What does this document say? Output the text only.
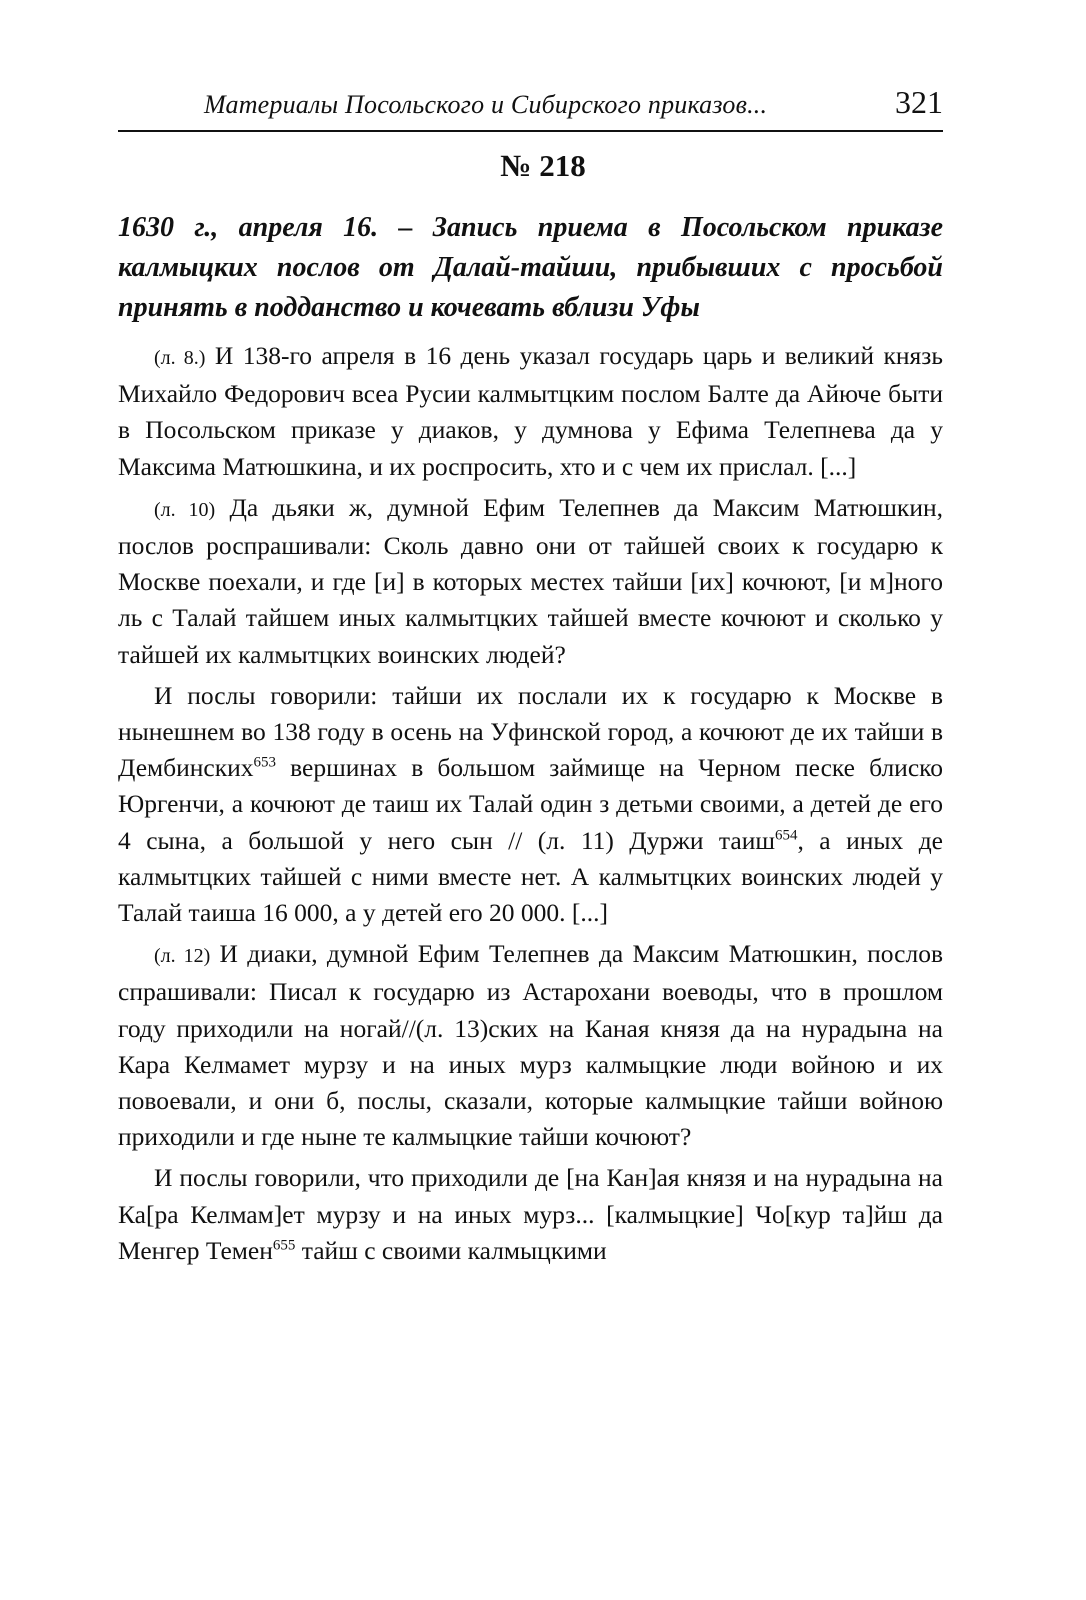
Материалы Посольского и Сибирского приказов...	321
№ 218

1630 г., апреля 16. – Запись приема в Посольском приказе калмыцких послов от Далай-тайши, прибывших с просьбой принять в подданство и кочевать вблизи Уфы

(л. 8.) И 138-го апреля в 16 день указал государь царь и великий князь Михайло Федорович всеа Русии калмытцким послом Балте да Айюче быти в Посольском приказе у диаков, у думнова у Ефима Телепнева да у Максима Матюшкина, и их роспросить, хто и с чем их прислал. [...]

(л. 10) Да дьяки ж, думной Ефим Телепнев да Максим Матюшкин, послов роспрашивали: Сколь давно они от тайшей своих к государю к Москве поехали, и где [и] в которых местех тайши [их] кочюют, [и м]ного ль с Талай тайшем иных калмытцких тайшей вместе кочюют и сколько у тайшей их калмытцких воинских людей?

И послы говорили: тайши их послали их к государю к Москве в нынешнем во 138 году в осень на Уфинской город, а кочюют де их тайши в Дембинских$^{653}$ вершинах в большом займище на Черном песке блиско Юргенчи, а кочюют де таиш их Талай один з детьми своими, а детей де его 4 сына, а большой у него сын // (л. 11) Дуржи таиш$^{654}$, а иных де калмытцких тайшей с ними вместе нет. А калмытцких воинских людей у Талай таиша 16 000, а у детей его 20 000. [...]

(л. 12) И диаки, думной Ефим Телепнев да Максим Матюшкин, послов спрашивали: Писал к государю из Астарохани воеводы, что в прошлом году приходили на ногай//(л. 13)ских на Каная князя да на нурадына на Кара Келмамет мурзу и на иных мурз калмыцкие люди войною и их повоевали, и они б, послы, сказали, которые калмыцкие тайши войною приходили и где ныне те калмыцкие тайши кочюют?

И послы говорили, что приходили де [на Кан]ая князя и на нурадына на Ка[ра Келмам]ет мурзу и на иных мурз... [калмыцкие] Чо[кур та]йш да Менгер Темен$^{655}$ тайш с своими калмыцкими
